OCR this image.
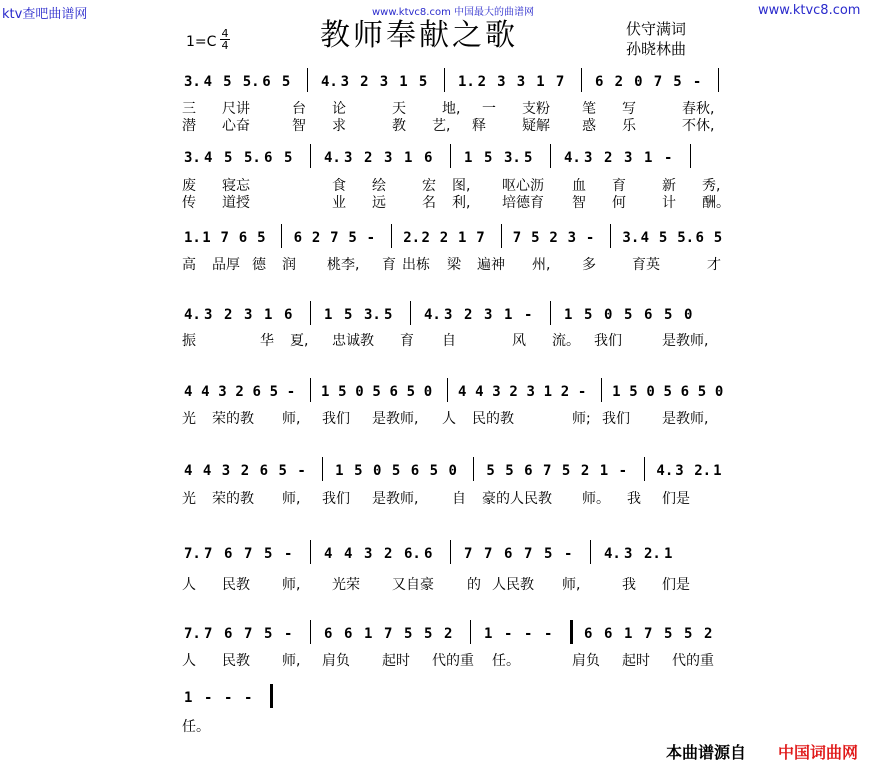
ktv查吧曲谱网	www.ktvc8.com 中国最大的曲谱网	www.ktvc8.com
教师奉献之歌	伏守满词
孙晓林曲
$1=C \frac{4}{4}$
3. 4 5 5. 6 5 4. 3 2 3 1 5 1. 2 3 3 1 7 6 2 0 7 5 -
三 尺讲	台 论	天	地, 一 支粉 笔 写	春秋,
潜 心奋	智 求	教 艺, 释	疑解 惑 乐	不休,
3. 4 5 5. 6 5 4. 3 2 3 1 6 1 5 3. 5 4. 3 2 3 1 -
废 寝忘	食 绘	宏 图, 呕心沥 血 育	新 秀,
传 道授	业 远	名 利, 培德育 智 何	计 酬。
1. 1 7 6 5 6 2 7 5 - 2. 2 2 1 7 7 5 2 3 - 3. 4 5 5. 6 5
高 品厚 德 润 桃李, 育 出栋 梁 遍神 州, 多	育英	才
4. 3 2 3 1 6 1 5 3. 5 4. 3 2 3 1 - 1 5 0 5 6 5 0
振	华 夏, 忠诚教 育 自	风 流。 我们	是教师,
4 4 3 2 6 5 - 1 5 0 5 6 5 0 4 4 3 2 3 1 2 - 1 5 0 5 6 5 0
光 荣的教 师, 我们 是教师, 人 民的教	师; 我们 是教师,
4 4 3 2 6 5 - 1 5 0 5 6 5 0 5 5 6 7 5 2 1 - 4. 3 2. 1
光 荣的教 师, 我们 是教师, 自 豪的人民教 师。 我 们是
7. 7 6 7 5 - 4 4 3 2 6. 6 7 7 6 7 5 - 4. 3 2. 1
人 民教 师, 光荣 又自豪 的 人民教 师,	我 们是
7. 7 6 7 5 - 6 6 1 7 5 5 2 1 - - - 6 6 1 7 5 5 2
人 民教 师, 肩负 起时 代的重 任。	肩负 起时 代的重
1 - - -
任。
本曲谱源自 中国词曲网
